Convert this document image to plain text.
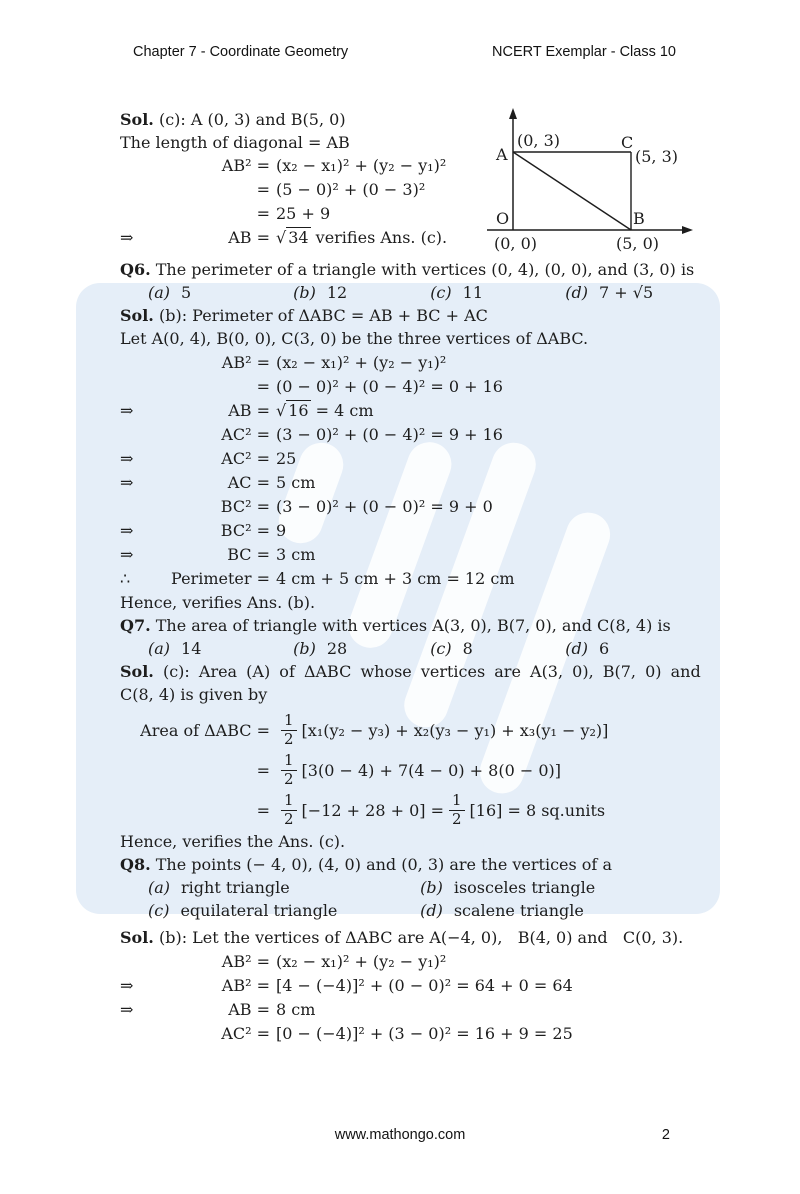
Chapter 7 - Coordinate Geometry	NCERT Exemplar - Class 10
A
(0, 3)	C
(5, 3)
O	B
(0, 0)	(5, 0)
Sol. (c): A (0, 3) and B(5, 0)
The length of diagonal = AB
AB² = (x₂ − x₁)² + (y₂ − y₁)²
= (5 − 0)² + (0 − 3)²
= 25 + 9
⇒	AB = √ 34 verifies Ans. (c).
Q6. The perimeter of a triangle with vertices (0, 4), (0, 0), and (3, 0) is
(a) 5	(b) 12	(c) 11	(d) 7 + √5
Sol. (b): Perimeter of ΔABC = AB + BC + AC
Let A(0, 4), B(0, 0), C(3, 0) be the three vertices of ΔABC.
AB² = (x₂ − x₁)² + (y₂ − y₁)²
= (0 − 0)² + (0 − 4)² = 0 + 16
⇒	AB = √ 16 = 4 cm
AC² = (3 − 0)² + (0 − 4)² = 9 + 16
⇒	AC² = 25
⇒	AC = 5 cm
BC² = (3 − 0)² + (0 − 0)² = 9 + 0
⇒	BC² = 9
⇒	BC = 3 cm
∴	Perimeter = 4 cm + 5 cm + 3 cm = 12 cm
Hence, verifies Ans. (b).
Q7. The area of triangle with vertices A(3, 0), B(7, 0), and C(8, 4) is
(a) 14	(b) 28	(c) 8	(d) 6
Sol. (c): Area (A) of ΔABC whose vertices are A(3, 0), B(7, 0) and
C(8, 4) is given by
Area of $\Delta ABC = \frac{1}{2} [x_1(y_2 - y_3) + x_2(y_3 - y_1) + x_3(y_1 - y_2)]$
= $\frac{1}{2} [3(0 - 4) + 7(4 - 0) + 8(0 - 0)]$
= $\frac{1}{2} [-12 + 28 + 0] = \frac{1}{2} [16] = 8$ sq.units
Hence, verifies the Ans. (c).
Q8. The points (− 4, 0), (4, 0) and (0, 3) are the vertices of a
(a) right triangle	(b) isosceles triangle
(c) equilateral triangle	(d) scalene triangle
Sol. (b): Let the vertices of ΔABC are A(−4, 0),   B(4, 0) and   C(0, 3).
AB² = (x₂ − x₁)² + (y₂ − y₁)²
⇒	AB² = [4 − (−4)]² + (0 − 0)² = 64 + 0 = 64
⇒	AB = 8 cm
AC² = [0 − (−4)]² + (3 − 0)² = 16 + 9 = 25
www.mathongo.com	2
